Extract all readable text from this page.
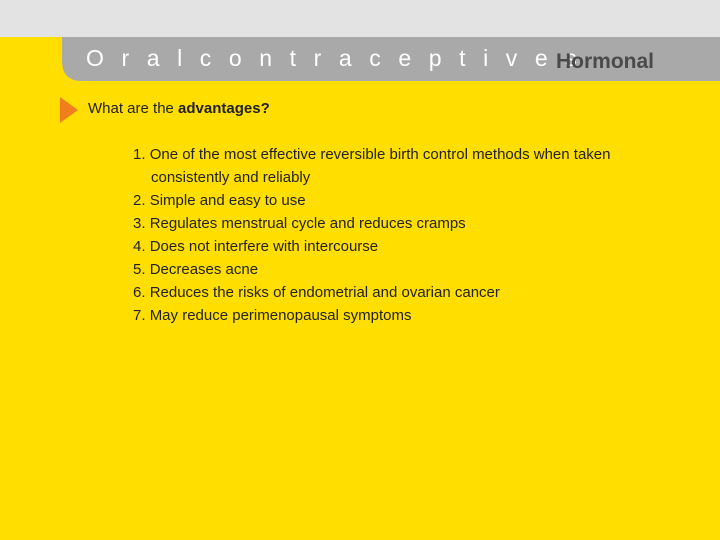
O r a l c o n t r a c e p t i v e s
Hormonal
What are the advantages?
1. One of the most effective reversible birth control methods when taken
consistently and reliably
2. Simple and easy to use
3. Regulates menstrual cycle and reduces cramps
4. Does not interfere with intercourse
5. Decreases acne
6. Reduces the risks of endometrial and ovarian cancer
7. May reduce perimenopausal symptoms
